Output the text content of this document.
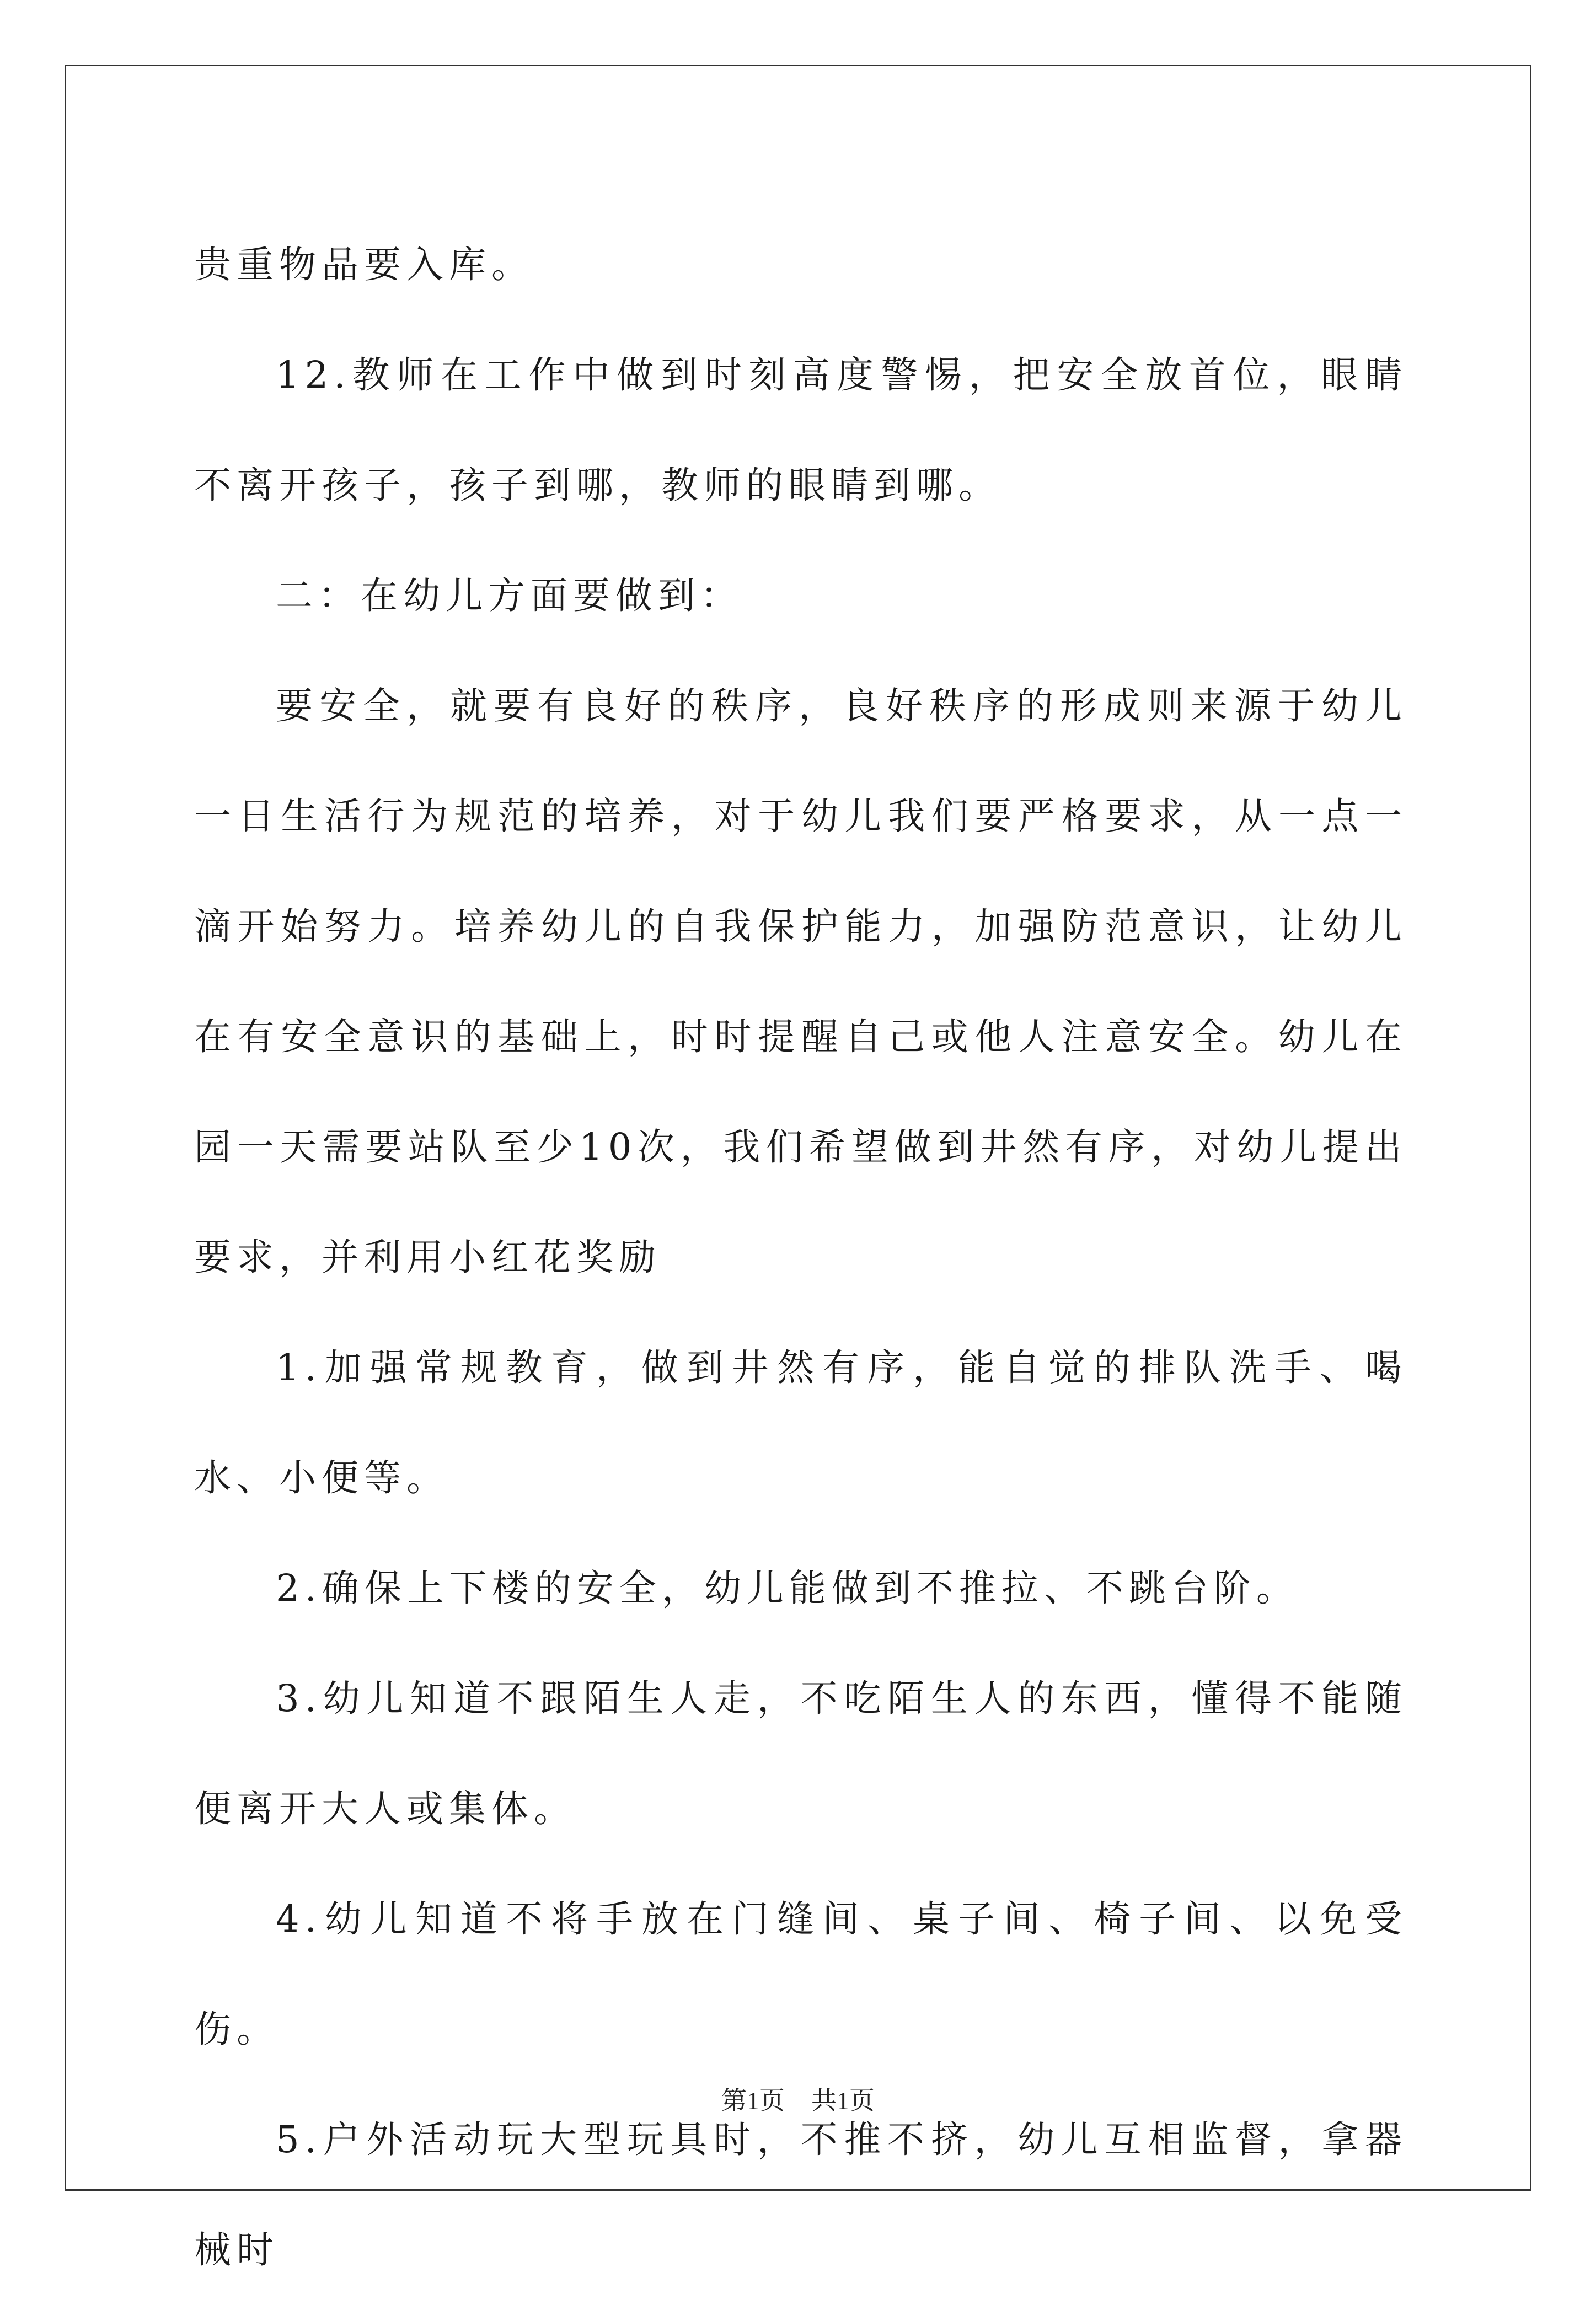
贵重物品要入库。

12.教师在工作中做到时刻高度警惕，把安全放首位，眼睛不离开孩子，孩子到哪，教师的眼睛到哪。

二：在幼儿方面要做到：

要安全，就要有良好的秩序，良好秩序的形成则来源于幼儿一日生活行为规范的培养，对于幼儿我们要严格要求，从一点一滴开始努力。培养幼儿的自我保护能力，加强防范意识，让幼儿在有安全意识的基础上，时时提醒自己或他人注意安全。幼儿在园一天需要站队至少10次，我们希望做到井然有序，对幼儿提出要求，并利用小红花奖励

1.加强常规教育，做到井然有序，能自觉的排队洗手、喝水、小便等。

2.确保上下楼的安全，幼儿能做到不推拉、不跳台阶。

3.幼儿知道不跟陌生人走，不吃陌生人的东西，懂得不能随便离开大人或集体。

4.幼儿知道不将手放在门缝间、桌子间、椅子间、以免受伤。

5.户外活动玩大型玩具时，不推不挤，幼儿互相监督，拿器械时

第1页 共1页
